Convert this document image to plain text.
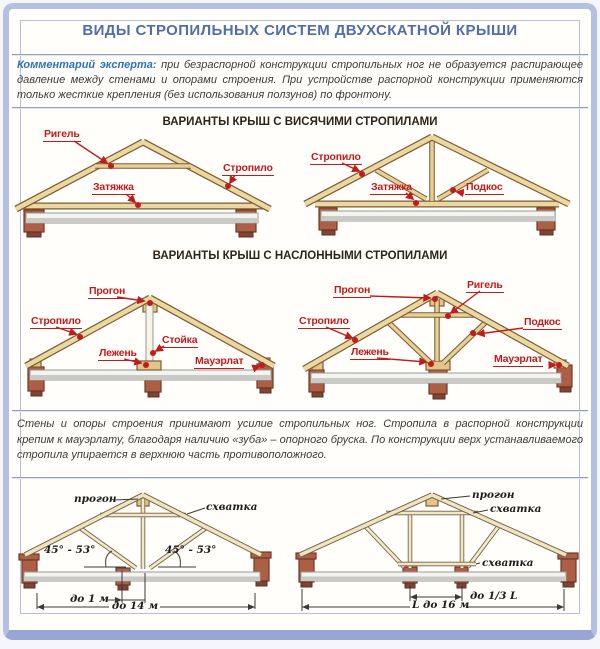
ВИДЫ СТРОПИЛЬНЫХ СИСТЕМ ДВУХСКАТНОЙ КРЫШИ

Комментарий эксперта: при безраспорной конструкции стропильных ног не образуется распирающее давление между стенами и опорами строения. При устройстве распорной конструкции применяются только жесткие крепления (без использования ползунов) по фронтону.

ВАРИАНТЫ КРЫШ С ВИСЯЧИМИ СТРОПИЛАМИ
Ригель
Затяжка
Стропило
Стропило
Затяжка	Подкос
ВАРИАНТЫ КРЫШ С НАСЛОННЫМИ СТРОПИЛАМИ
Прогон
Стропило
Стойка
Лежень
Мауэрлат
Прогон	Ригель
Стропило	Подкос
Лежень
Мауэрлат

Стены и опоры строения принимают усилие стропильных ног. Стропила в распорной конструкции крепим к мауэрлату, благодаря наличию «зуба» – опорного бруска. По конструкции верх устанавливаемого стропила упирается в верхнюю часть противоположного.

прогон
схватка
45° - 53°	45° - 53°
до 1 м
до 14 м
прогон
схватка
схватка
до 1/3 L
L до 16 м
